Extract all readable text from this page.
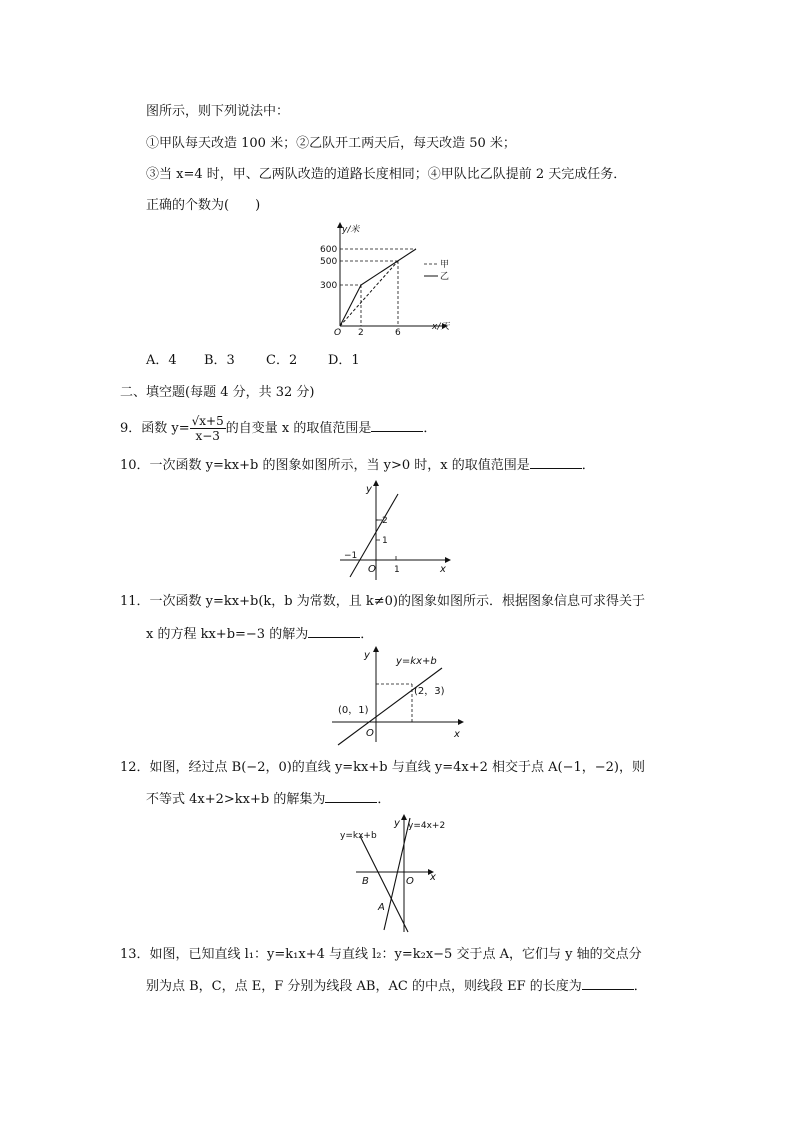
图所示，则下列说法中：
①甲队每天改造 100 米；②乙队开工两天后，每天改造 50 米；
③当 x=4 时，甲、乙两队改造的道路长度相同；④甲队比乙队提前 2 天完成任务．
正确的个数为(　　)
y/米
x/天
O
600
500
300
2	6
甲
乙
A．4 B．3 C．2 D．1
二、填空题(每题 4 分，共 32 分)
9．函数 $y= \frac{√x+5}{x-3}$ 的自变量 x 的取值范围是	．
10．一次函数 y=kx+b 的图象如图所示，当 y>0 时，x 的取值范围是	．
y
x
O
2
1
1
−1
11．一次函数 y=kx+b(k，b 为常数，且 k≠0)的图象如图所示．根据图象信息可求得关于
x 的方程 kx+b=−3 的解为	．
y
x
O
y=kx+b
(2，3)
(0，1)
12．如图，经过点 B(−2，0)的直线 y=kx+b 与直线 y=4x+2 相交于点 A(−1，−2)，则
不等式 4x+2>kx+b 的解集为	．
y
x
O
y=kx+b
y=4x+2
A
B
13．如图，已知直线 l₁：y=k₁x+4 与直线 l₂：y=k₂x−5 交于点 A，它们与 y 轴的交点分
别为点 B，C，点 E，F 分别为线段 AB，AC 的中点，则线段 EF 的长度为	．
